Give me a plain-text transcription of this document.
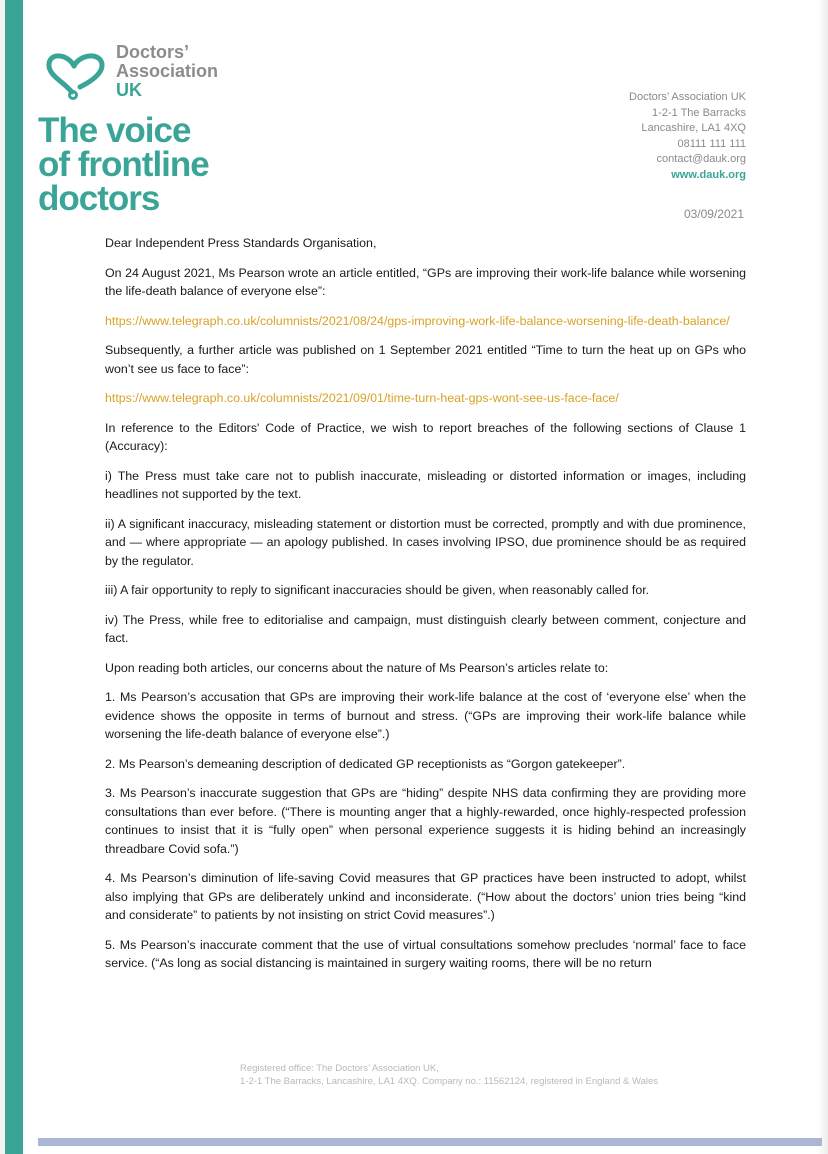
Doctors’
Association
UK
The voice
of frontline
doctors
Doctors’ Association UK
1-2-1 The Barracks
Lancashire, LA1 4XQ
08111 111 111
contact@dauk.org
www.dauk.org
03/09/2021

Dear Independent Press Standards Organisation,

On 24 August 2021, Ms Pearson wrote an article entitled, “GPs are improving their work-life balance while worsening the life-death balance of everyone else”:

https://www.telegraph.co.uk/columnists/2021/08/24/gps-improving-work-life-balance-worsening-life-death-balance/

Subsequently, a further article was published on 1 September 2021 entitled “Time to turn the heat up on GPs who won’t see us face to face”:

https://www.telegraph.co.uk/columnists/2021/09/01/time-turn-heat-gps-wont-see-us-face-face/

In reference to the Editors' Code of Practice, we wish to report breaches of the following sections of Clause 1 (Accuracy):

i) The Press must take care not to publish inaccurate, misleading or distorted information or images, including headlines not supported by the text.

ii) A significant inaccuracy, misleading statement or distortion must be corrected, promptly and with due prominence, and — where appropriate — an apology published. In cases involving IPSO, due prominence should be as required by the regulator.

iii) A fair opportunity to reply to significant inaccuracies should be given, when reasonably called for.

iv) The Press, while free to editorialise and campaign, must distinguish clearly between comment, conjecture and fact.

Upon reading both articles, our concerns about the nature of Ms Pearson’s articles relate to:

1. Ms Pearson’s accusation that GPs are improving their work-life balance at the cost of ‘everyone else’ when the evidence shows the opposite in terms of burnout and stress. (“GPs are improving their work-life balance while worsening the life-death balance of everyone else”.)

2. Ms Pearson’s demeaning description of dedicated GP receptionists as “Gorgon gatekeeper”.

3. Ms Pearson’s inaccurate suggestion that GPs are “hiding” despite NHS data confirming they are providing more consultations than ever before. (“There is mounting anger that a highly-rewarded, once highly-respected profession continues to insist that it is “fully open” when personal experience suggests it is hiding behind an increasingly threadbare Covid sofa.”)

4. Ms Pearson’s diminution of life-saving Covid measures that GP practices have been instructed to adopt, whilst also implying that GPs are deliberately unkind and inconsiderate. (“How about the doctors’ union tries being “kind and considerate” to patients by not insisting on strict Covid measures”.)

5. Ms Pearson’s inaccurate comment that the use of virtual consultations somehow precludes ‘normal’ face to face service. (“As long as social distancing is maintained in surgery waiting rooms, there will be no return

Registered office: The Doctors’ Association UK,
1-2-1 The Barracks, Lancashire, LA1 4XQ. Company no.: 11562124, registered in England & Wales
